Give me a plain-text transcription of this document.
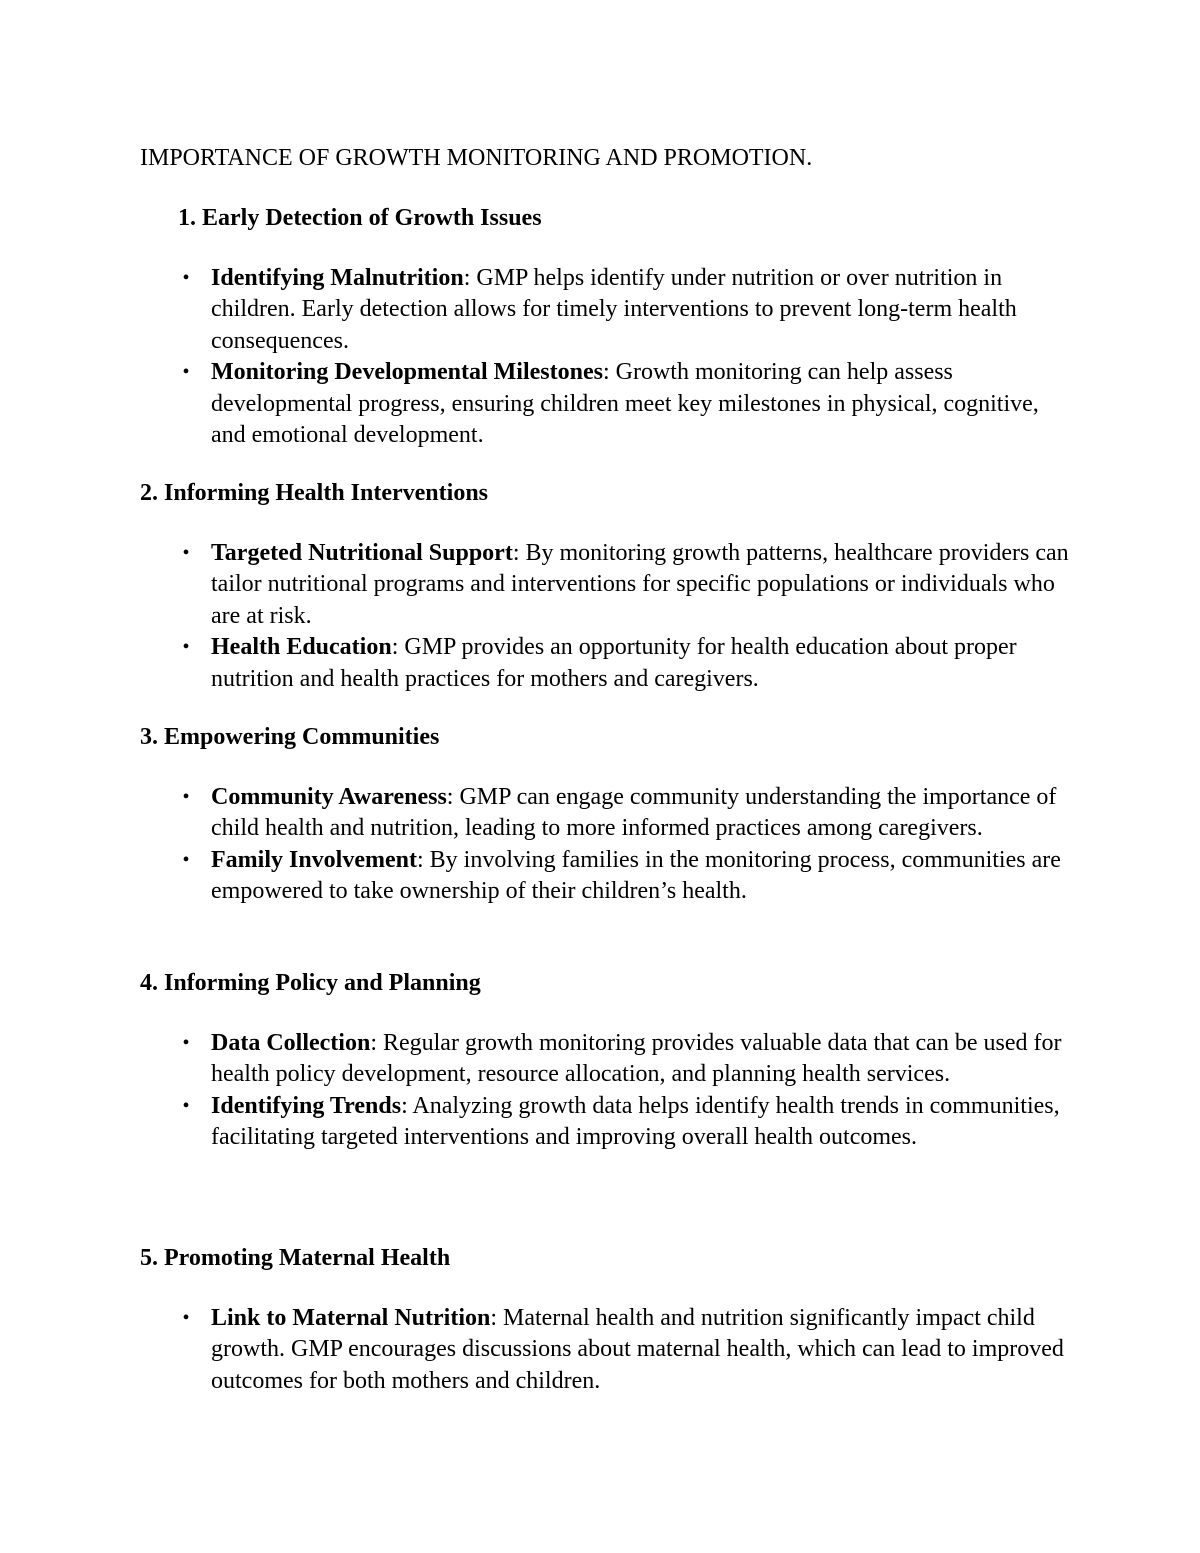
IMPORTANCE OF GROWTH MONITORING AND PROMOTION.

1. Early Detection of Growth Issues

• Identifying Malnutrition: GMP helps identify under nutrition or over nutrition in children. Early detection allows for timely interventions to prevent long-term health consequences.
• Monitoring Developmental Milestones: Growth monitoring can help assess developmental progress, ensuring children meet key milestones in physical, cognitive, and emotional development.

2. Informing Health Interventions

• Targeted Nutritional Support: By monitoring growth patterns, healthcare providers can tailor nutritional programs and interventions for specific populations or individuals who are at risk.
• Health Education: GMP provides an opportunity for health education about proper nutrition and health practices for mothers and caregivers.

3. Empowering Communities

• Community Awareness: GMP can engage community understanding the importance of child health and nutrition, leading to more informed practices among caregivers.
• Family Involvement: By involving families in the monitoring process, communities are empowered to take ownership of their children’s health.

4. Informing Policy and Planning

• Data Collection: Regular growth monitoring provides valuable data that can be used for health policy development, resource allocation, and planning health services.
• Identifying Trends: Analyzing growth data helps identify health trends in communities, facilitating targeted interventions and improving overall health outcomes.

5. Promoting Maternal Health

• Link to Maternal Nutrition: Maternal health and nutrition significantly impact child growth. GMP encourages discussions about maternal health, which can lead to improved outcomes for both mothers and children.
